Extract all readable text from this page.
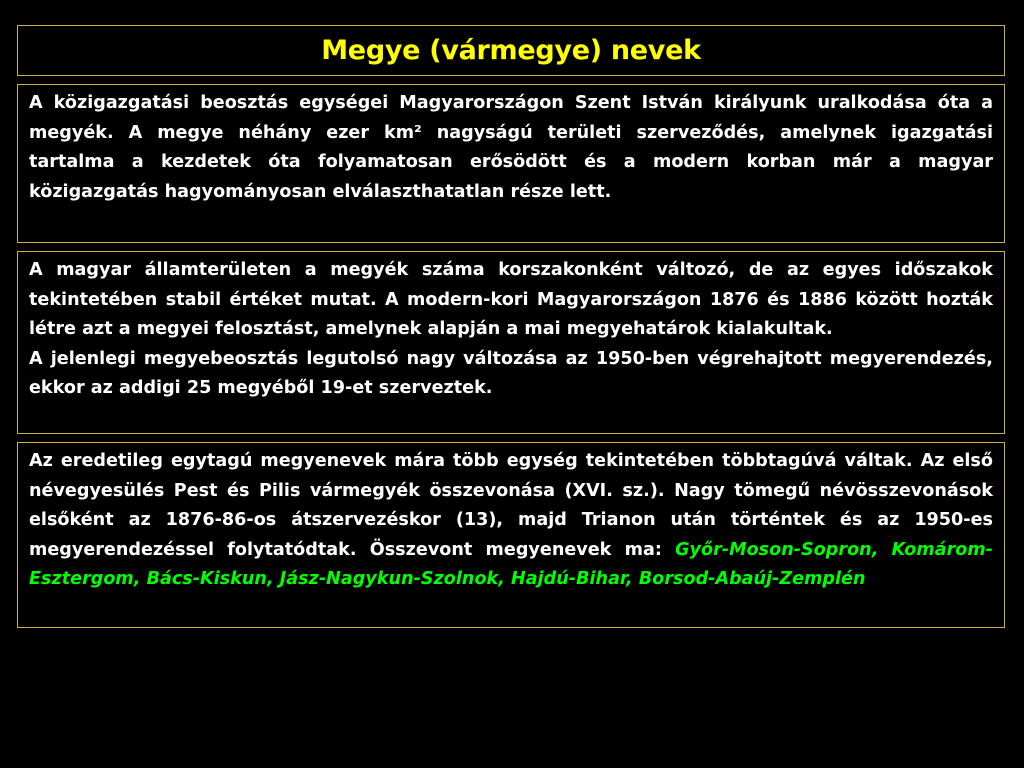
Megye (vármegye) nevek

A közigazgatási beosztás egységei Magyarországon Szent István királyunk uralkodása óta a megyék. A megye néhány ezer km² nagyságú területi szerveződés, amelynek igazgatási tartalma a kezdetek óta folyamatosan erősödött és a modern korban már a magyar közigazgatás hagyományosan elválaszthatatlan része lett.

A magyar államterületen a megyék száma korszakonként változó, de az egyes időszakok tekintetében stabil értéket mutat. A modern-kori Magyarországon 1876 és 1886 között hozták létre azt a megyei felosztást, amelynek alapján a mai megyehatárok kialakultak.

A jelenlegi megyebeosztás legutolsó nagy változása az 1950-ben végrehajtott megyerendezés, ekkor az addigi 25 megyéből 19-et szerveztek.

Az eredetileg egytagú megyenevek mára több egység tekintetében többtagúvá váltak. Az első névegyesülés Pest és Pilis vármegyék összevonása (XVI. sz.). Nagy tömegű névösszevonások elsőként az 1876-86-os átszervezéskor (13), majd Trianon után történtek és az 1950-es megyerendezéssel folytatódtak. Összevont megyenevek ma: Győr-Moson-Sopron, Komárom-Esztergom, Bács-Kiskun, Jász-Nagykun-Szolnok, Hajdú-Bihar, Borsod-Abaúj-Zemplén
